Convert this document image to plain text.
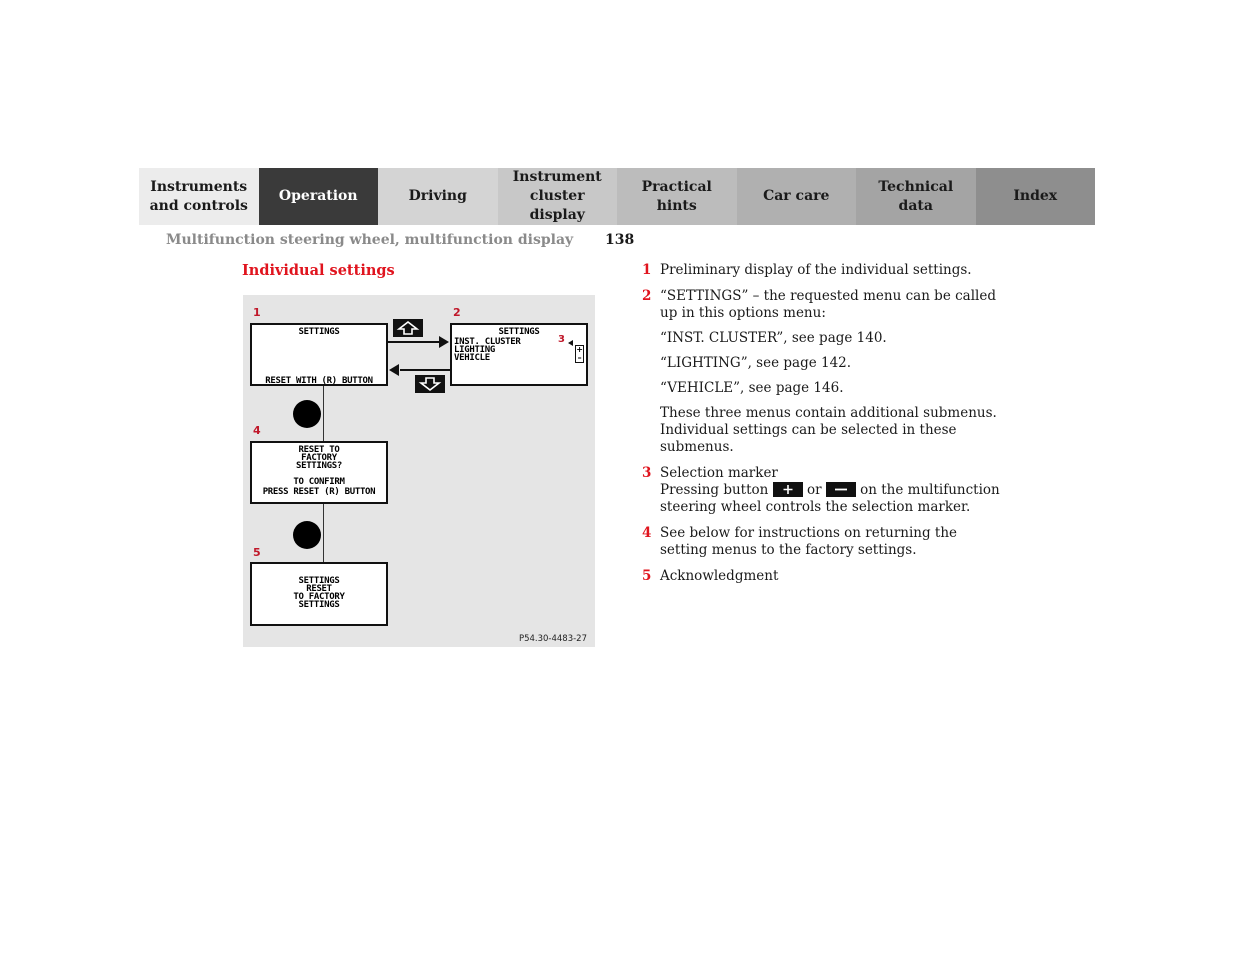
Instruments
and controls
Operation	Driving
Instrument
cluster display
Practical hints
Car care
Technical
data
Index
Multifunction steering wheel, multifunction display 138
Individual settings
1	2
4
5
SETTINGS
RESET WITH (R) BUTTON
SETTINGS
INST. CLUSTER
LIGHTING
VEHICLE
3
+
–
RESET TO
FACTORY
SETTINGS?
TO CONFIRM
PRESS RESET (R) BUTTON
SETTINGS
RESET
TO FACTORY
SETTINGS
P54.30-4483-27
1 Preliminary display of the individual settings.

2 “SETTINGS” – the requested menu can be called up in this options menu:

“INST. CLUSTER”, see page 140.

“LIGHTING”, see page 142.

“VEHICLE”, see page 146.

These three menus contain additional submenus. Individual settings can be selected in these submenus.

3 Selection marker

Pressing button	or	on the multifunction steering wheel controls the selection marker.

4 See below for instructions on returning the setting menus to the factory settings.

5 Acknowledgment
